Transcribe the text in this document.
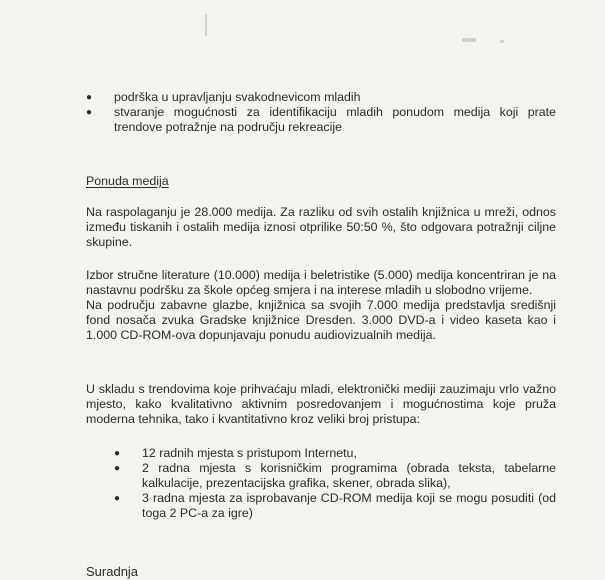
● podrška u upravljanju svakodnevicom mladih
● stvaranje mogućnosti za identifikaciju mladih ponudom medija koji prate trendove potražnje na području rekreacije
Ponuda medija

Na raspolaganju je 28.000 medija. Za razliku od svih ostalih knjižnica u mreži, odnos između tiskanih i ostalih medija iznosi otprilike 50:50 %, što odgovara potražnji ciljne skupine.

Izbor stručne literature (10.000) medija i beletristike (5.000) medija koncentriran je na nastavnu podršku za škole općeg smjera i na interese mladih u slobodno vrijeme.
Na području zabavne glazbe, knjižnica sa svojih 7.000 medija predstavlja središnji fond nosača zvuka Gradske knjižnice Dresden. 3.000 DVD-a i video kaseta kao i 1.000 CD-ROM-ova dopunjavaju ponudu audiovizualnih medija.

U skladu s trendovima koje prihvaćaju mladi, elektronički mediji zauzimaju vrlo važno mjesto, kako kvalitativno aktivnim posredovanjem i mogućnostima koje pruža moderna tehnika, tako i kvantitativno kroz veliki broj pristupa:

● 12 radnih mjesta s pristupom Internetu,
● 2 radna mjesta s korisničkim programima (obrada teksta, tabelarne kalkulacije, prezentacijska grafika, skener, obrada slika),
● 3 radna mjesta za isprobavanje CD-ROM medija koji se mogu posuditi (od toga 2 PC-a za igre)
Suradnja
